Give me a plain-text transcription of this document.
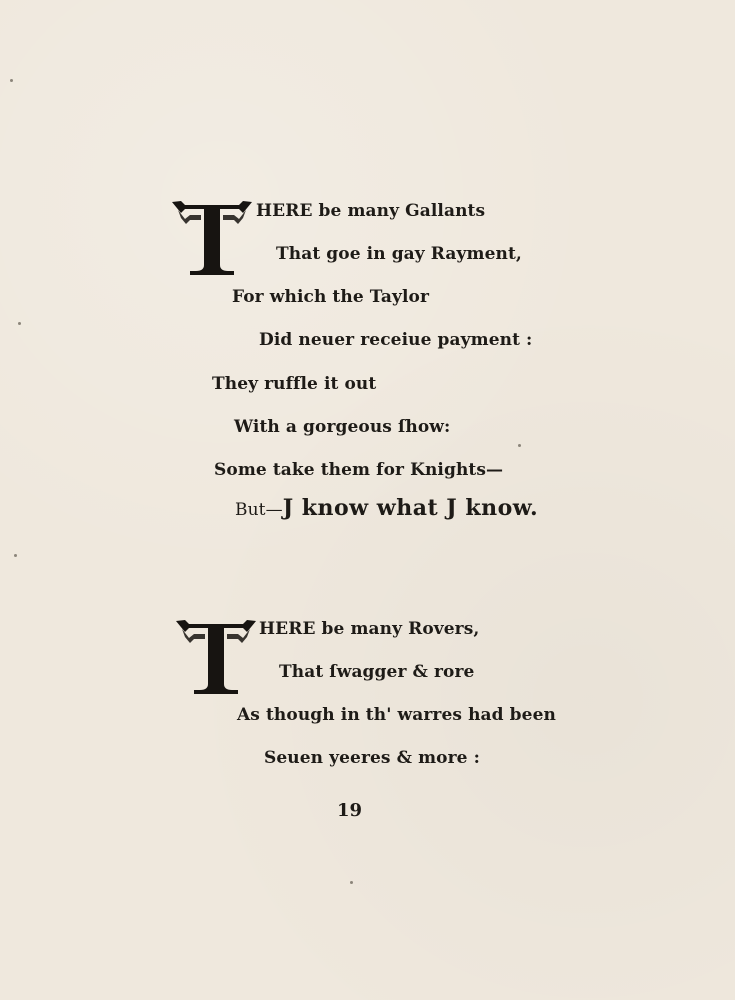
HERE be many Gallants
That goe in gay Rayment,
For which the Taylor
Did neuer receiue payment :
They ruffle it out
With a gorgeous ſhow:
Some take them for Knights—
But—J know what J know.
HERE be many Rovers,
That ſwagger & rore
As though in th' warres had been
Seuen yeeres & more :
19
